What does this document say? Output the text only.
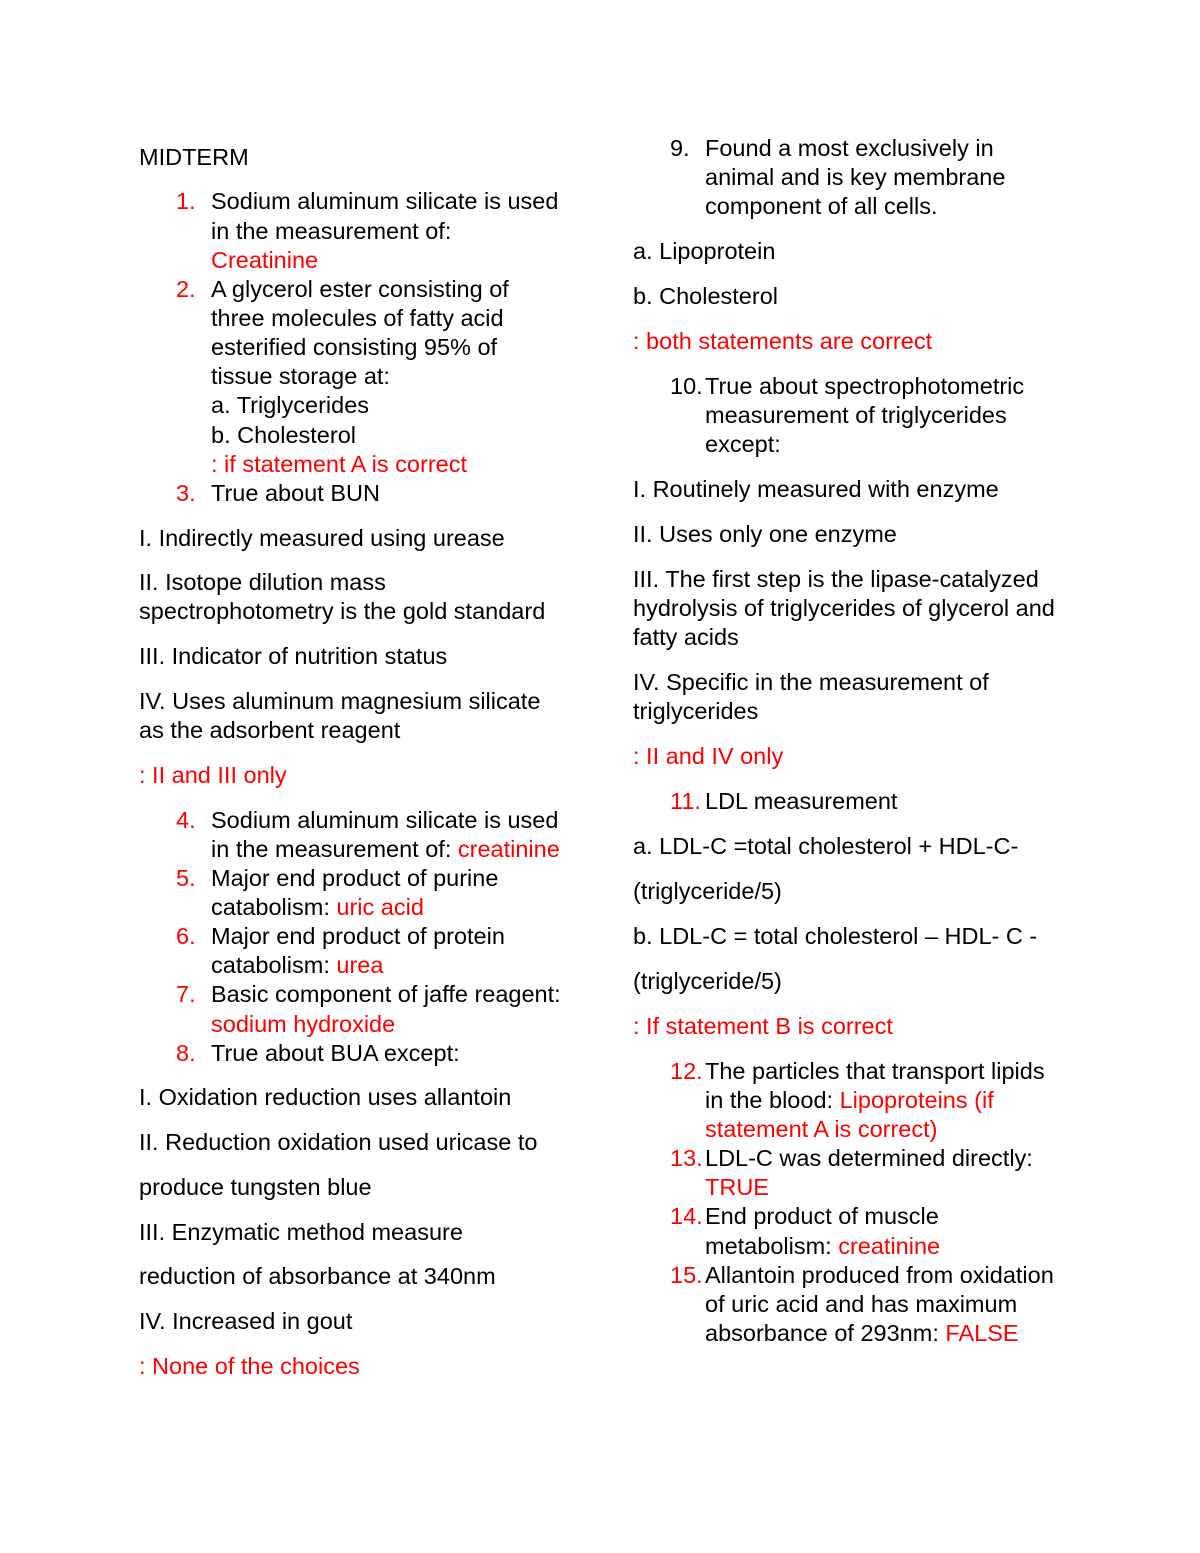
MIDTERM
1. Sodium aluminum silicate is used
in the measurement of:
Creatinine
2. A glycerol ester consisting of
three molecules of fatty acid
esterified consisting 95% of
tissue storage at:
a. Triglycerides
b. Cholesterol
: if statement A is correct
3. True about BUN
I. Indirectly measured using urease
II. Isotope dilution mass
spectrophotometry is the gold standard
III. Indicator of nutrition status
IV. Uses aluminum magnesium silicate
as the adsorbent reagent
: II and III only
4. Sodium aluminum silicate is used
in the measurement of: creatinine
5. Major end product of purine
catabolism: uric acid
6. Major end product of protein
catabolism: urea
7. Basic component of jaffe reagent:
sodium hydroxide
8. True about BUA except:
I. Oxidation reduction uses allantoin
II. Reduction oxidation used uricase to
produce tungsten blue
III. Enzymatic method measure
reduction of absorbance at 340nm
IV. Increased in gout
: None of the choices
9. Found a most exclusively in
animal and is key membrane
component of all cells.
a. Lipoprotein
b. Cholesterol
: both statements are correct
10. True about spectrophotometric
measurement of triglycerides
except:
I. Routinely measured with enzyme
II. Uses only one enzyme
III. The first step is the lipase-catalyzed
hydrolysis of triglycerides of glycerol and
fatty acids
IV. Specific in the measurement of
triglycerides
: II and IV only
11. LDL measurement
a. LDL-C =total cholesterol + HDL-C-
(triglyceride/5)
b. LDL-C = total cholesterol – HDL- C -
(triglyceride/5)
: If statement B is correct
12. The particles that transport lipids
in the blood: Lipoproteins (if
statement A is correct)
13. LDL-C was determined directly:
TRUE
14. End product of muscle
metabolism: creatinine
15. Allantoin produced from oxidation
of uric acid and has maximum
absorbance of 293nm: FALSE
